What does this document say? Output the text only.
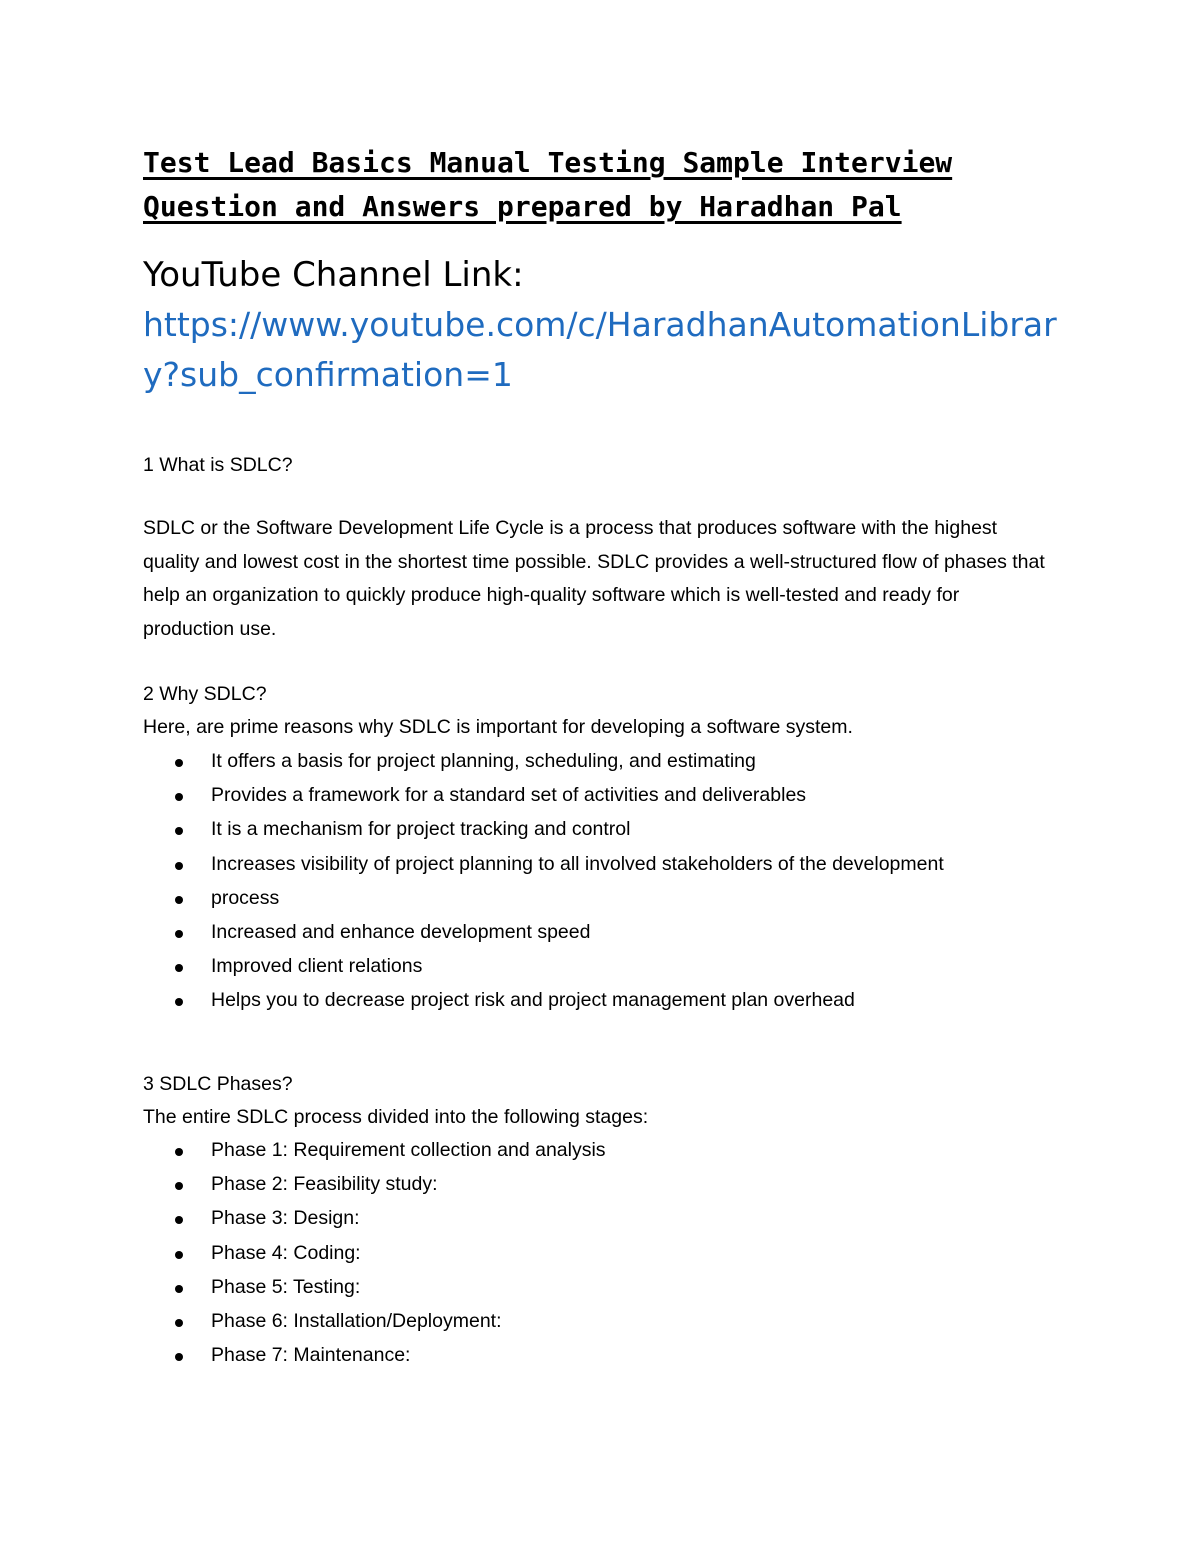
Test Lead Basics Manual Testing Sample Interview Question and Answers prepared by Haradhan Pal

YouTube Channel Link:

https://www.youtube.com/c/HaradhanAutomationLibrary?sub_confirmation=1

1 What is SDLC?

SDLC or the Software Development Life Cycle is a process that produces software with the highest quality and lowest cost in the shortest time possible. SDLC provides a well-structured flow of phases that help an organization to quickly produce high-quality software which is well-tested and ready for production use.

2 Why SDLC?

Here, are prime reasons why SDLC is important for developing a software system.

It offers a basis for project planning, scheduling, and estimating
Provides a framework for a standard set of activities and deliverables
It is a mechanism for project tracking and control
Increases visibility of project planning to all involved stakeholders of the development
process
Increased and enhance development speed
Improved client relations
Helps you to decrease project risk and project management plan overhead

3 SDLC Phases?

The entire SDLC process divided into the following stages:

Phase 1: Requirement collection and analysis
Phase 2: Feasibility study:
Phase 3: Design:
Phase 4: Coding:
Phase 5: Testing:
Phase 6: Installation/Deployment:
Phase 7: Maintenance:
